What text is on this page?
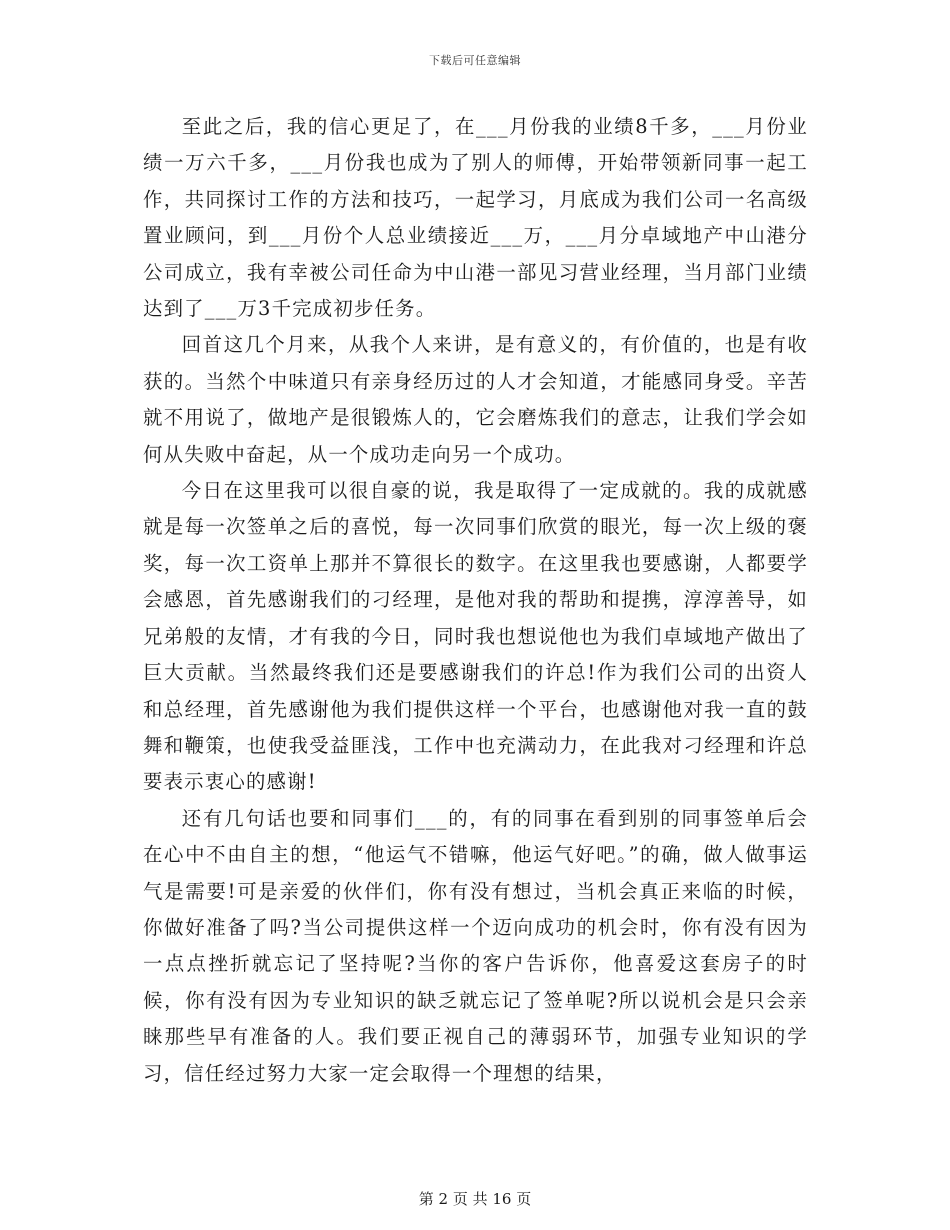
下载后可任意编辑

至此之后，我的信心更足了，在___月份我的业绩8千多，___月份业绩一万六千多，___月份我也成为了别人的师傅，开始带领新同事一起工作，共同探讨工作的方法和技巧，一起学习，月底成为我们公司一名高级置业顾问，到___月份个人总业绩接近___万，___月分卓域地产中山港分公司成立，我有幸被公司任命为中山港一部见习营业经理，当月部门业绩达到了___万3千完成初步任务。

回首这几个月来，从我个人来讲，是有意义的，有价值的，也是有收获的。当然个中味道只有亲身经历过的人才会知道，才能感同身受。辛苦就不用说了，做地产是很锻炼人的，它会磨炼我们的意志，让我们学会如何从失败中奋起，从一个成功走向另一个成功。

今日在这里我可以很自豪的说，我是取得了一定成就的。我的成就感就是每一次签单之后的喜悦，每一次同事们欣赏的眼光，每一次上级的褒奖，每一次工资单上那并不算很长的数字。在这里我也要感谢，人都要学会感恩，首先感谢我们的刁经理，是他对我的帮助和提携，淳淳善导，如兄弟般的友情，才有我的今日，同时我也想说他也为我们卓域地产做出了巨大贡献。当然最终我们还是要感谢我们的许总!作为我们公司的出资人和总经理，首先感谢他为我们提供这样一个平台，也感谢他对我一直的鼓舞和鞭策，也使我受益匪浅，工作中也充满动力，在此我对刁经理和许总要表示衷心的感谢!

还有几句话也要和同事们___的，有的同事在看到别的同事签单后会在心中不由自主的想，“他运气不错嘛，他运气好吧。”的确，做人做事运气是需要!可是亲爱的伙伴们，你有没有想过，当机会真正来临的时候，你做好准备了吗?当公司提供这样一个迈向成功的机会时，你有没有因为一点点挫折就忘记了坚持呢?当你的客户告诉你，他喜爱这套房子的时候，你有没有因为专业知识的缺乏就忘记了签单呢?所以说机会是只会亲睐那些早有准备的人。我们要正视自己的薄弱环节，加强专业知识的学习，信任经过努力大家一定会取得一个理想的结果，

第 2 页 共 16 页
